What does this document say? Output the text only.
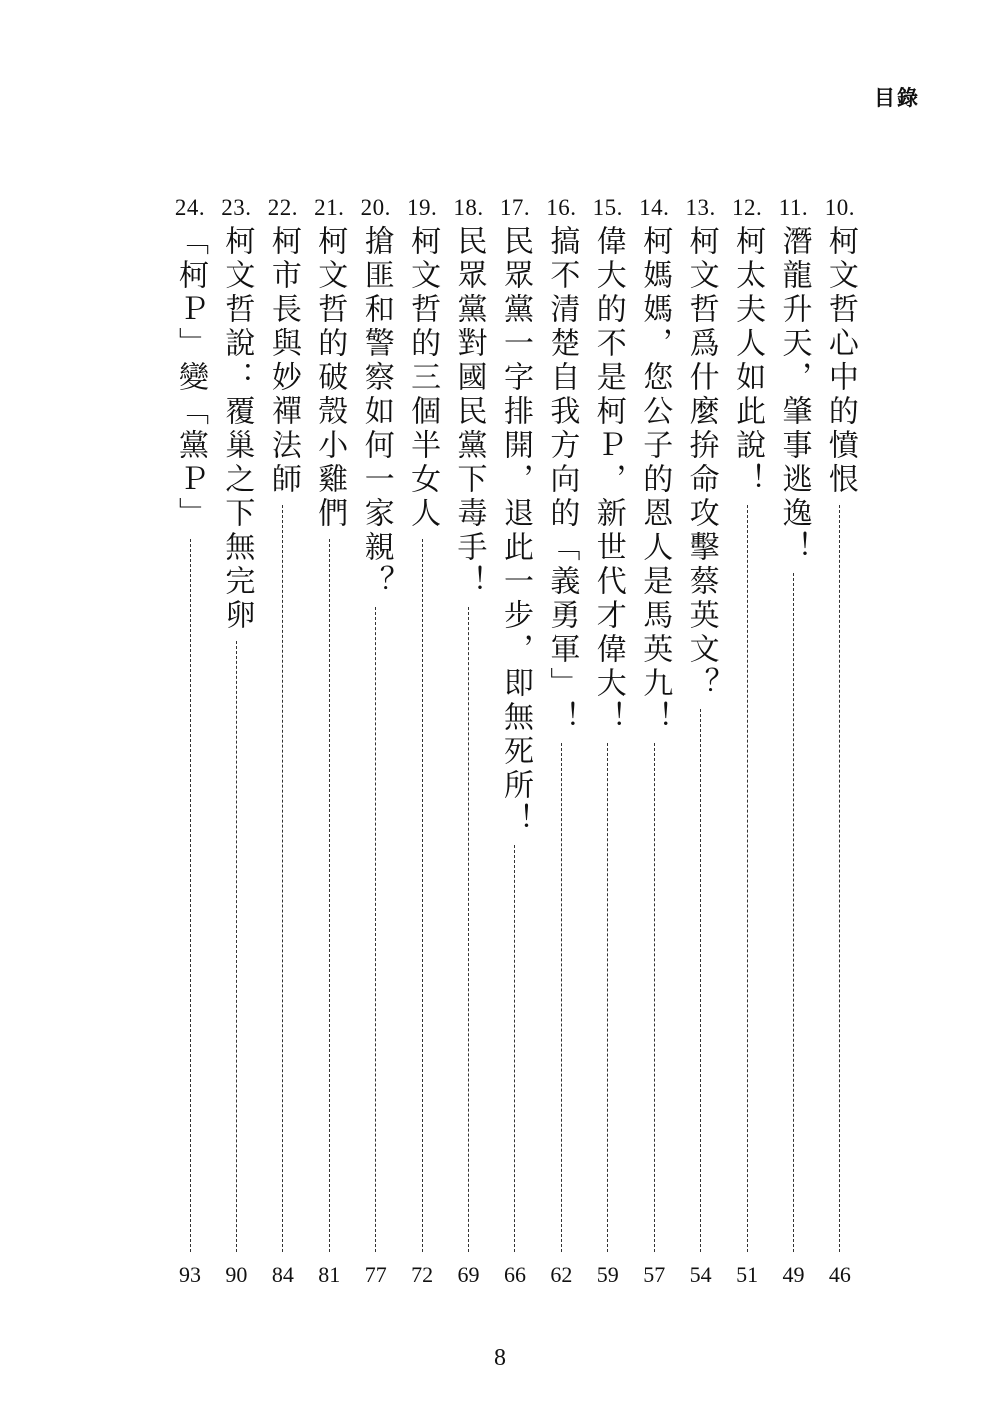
目錄
10.
柯文哲心中的憤恨
46
11.
潛龍升天，肇事逃逸！
49
12.
柯太夫人如此說！
51
13.
柯文哲爲什麼拚命攻擊蔡英文？
54
14.
柯媽媽，您公子的恩人是馬英九！
57
15.
偉大的不是柯Ｐ，新世代才偉大！
59
16.
搞不清楚自我方向的「義勇軍」！
62
17.
民眾黨一字排開，退此一步，即無死所！
66
18.
民眾黨對國民黨下毒手！
69
19.
柯文哲的三個半女人
72
20.
搶匪和警察如何一家親？
77
21.
柯文哲的破殼小雞們
81
22.
柯市長與妙禪法師
84
23.
柯文哲說：覆巢之下無完卵
90
24.
「柯Ｐ」變「黨Ｐ」
93
8
